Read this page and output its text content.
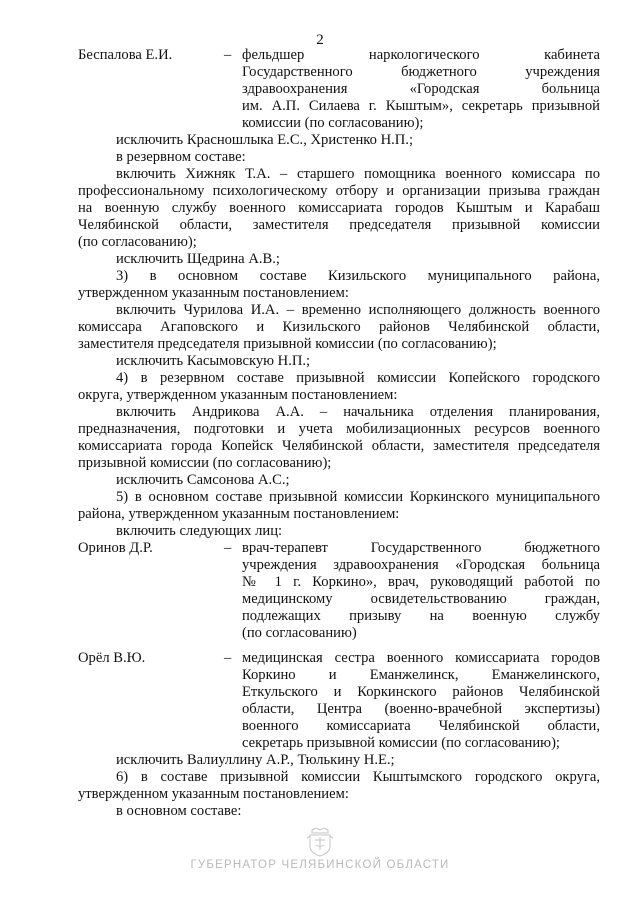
2
Беспалова Е.И.	– фельдшер наркологического кабинета
Государственного бюджетного учреждения
здравоохранения «Городская больница
им. А.П. Силаева г. Кыштым», секретарь призывной
комиссии (по согласованию);

исключить Красношлыка Е.С., Христенко Н.П.;

в резервном составе:

включить Хижняк Т.А. – старшего помощника военного комиссара по

профессиональному психологическому отбору и организации призыва граждан

на военную службу военного комиссариата городов Кыштым и Карабаш

Челябинской области, заместителя председателя призывной комиссии

(по согласованию);

исключить Щедрина А.В.;

3) в основном составе Кизильского муниципального района,

утвержденном указанным постановлением:

включить Чурилова И.А. – временно исполняющего должность военного

комиссара Агаповского и Кизильского районов Челябинской области,

заместителя председателя призывной комиссии (по согласованию);

исключить Касымовскую Н.П.;

4) в резервном составе призывной комиссии Копейского городского

округа, утвержденном указанным постановлением:

включить Андрикова А.А. – начальника отделения планирования,

предназначения, подготовки и учета мобилизационных ресурсов военного

комиссариата города Копейск Челябинской области, заместителя председателя

призывной комиссии (по согласованию);

исключить Самсонова А.С.;

5) в основном составе призывной комиссии Коркинского муниципального

района, утвержденном указанным постановлением:

включить следующих лиц:

Оринов Д.Р.	– врач-терапевт Государственного бюджетного
учреждения здравоохранения «Городская больница
№ 1 г. Коркино», врач, руководящий работой по
медицинскому освидетельствованию граждан,
подлежащих призыву на военную службу
(по согласованию)
Орёл В.Ю.	– медицинская сестра военного комиссариата городов
Коркино и Еманжелинск, Еманжелинского,
Еткульского и Коркинского районов Челябинской
области, Центра (военно-врачебной экспертизы)
военного комиссариата Челябинской области,
секретарь призывной комиссии (по согласованию);

исключить Валиуллину А.Р., Тюлькину Н.Е.;

6) в составе призывной комиссии Кыштымского городского округа,

утвержденном указанным постановлением:

в основном составе:

ГУБЕРНАТОР ЧЕЛЯБИНСКОЙ ОБЛАСТИ
